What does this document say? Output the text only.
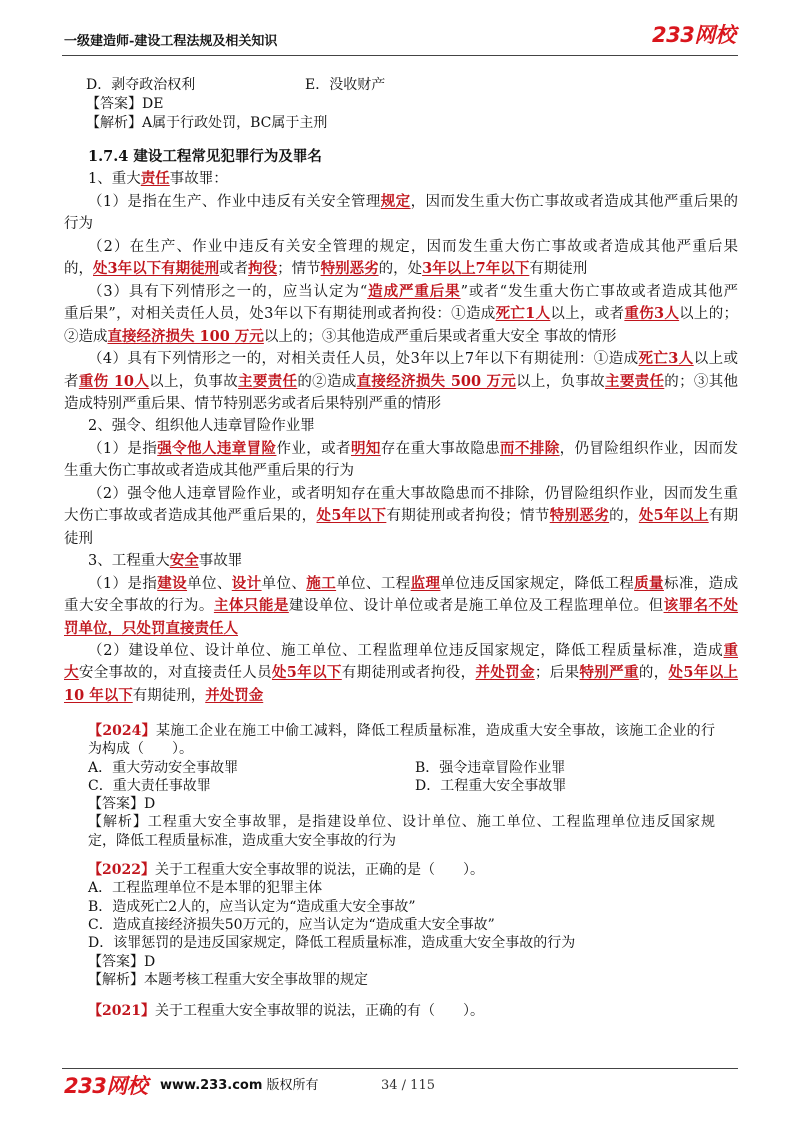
一级建造师-建设工程法规及相关知识	233网校
D．剥夺政治权利	E．没收财产
【答案】DE
【解析】A属于行政处罚，BC属于主刑
1.7.4 建设工程常见犯罪行为及罪名
1、重大责任事故罪：
（1）是指在生产、作业中违反有关安全管理规定，因而发生重大伤亡事故或者造成其他严重后果的
行为
（2）在生产、作业中违反有关安全管理的规定，因而发生重大伤亡事故或者造成其他严重后果
的，处3年以下有期徒刑或者拘役；情节特别恶劣的，处3年以上7年以下有期徒刑
（3）具有下列情形之一的，应当认定为“造成严重后果”或者“发生重大伤亡事故或者造成其他严
重后果”，对相关责任人员，处3年以下有期徒刑或者拘役：①造成死亡1人以上，或者重伤3人以上的；
②造成直接经济损失 100 万元以上的；③其他造成严重后果或者重大安全 事故的情形
（4）具有下列情形之一的，对相关责任人员，处3年以上7年以下有期徒刑：①造成死亡3人以上或
者重伤 10人以上，负事故主要责任的②造成直接经济损失 500 万元以上，负事故主要责任的；③其他
造成特别严重后果、情节特别恶劣或者后果特别严重的情形
2、强令、组织他人违章冒险作业罪
（1）是指强令他人违章冒险作业，或者明知存在重大事故隐患而不排除，仍冒险组织作业，因而发
生重大伤亡事故或者造成其他严重后果的行为
（2）强令他人违章冒险作业，或者明知存在重大事故隐患而不排除，仍冒险组织作业，因而发生重
大伤亡事故或者造成其他严重后果的，处5年以下有期徒刑或者拘役；情节特别恶劣的，处5年以上有期
徒刑
3、工程重大安全事故罪
（1）是指建设单位、设计单位、施工单位、工程监理单位违反国家规定，降低工程质量标准，造成
重大安全事故的行为。主体只能是建设单位、设计单位或者是施工单位及工程监理单位。但该罪名不处
罚单位，只处罚直接责任人
（2）建设单位、设计单位、施工单位、工程监理单位违反国家规定，降低工程质量标准，造成重
大安全事故的，对直接责任人员处5年以下有期徒刑或者拘役，并处罚金；后果特别严重的，处5年以上
10 年以下有期徒刑，并处罚金
【2024】某施工企业在施工中偷工减料，降低工程质量标准，造成重大安全事故，该施工企业的行
为构成（　　）。
A．重大劳动安全事故罪	B．强令违章冒险作业罪
C．重大责任事故罪	D．工程重大安全事故罪
【答案】D
【解析】工程重大安全事故罪，是指建设单位、设计单位、施工单位、工程监理单位违反国家规
定，降低工程质量标准，造成重大安全事故的行为
【2022】关于工程重大安全事故罪的说法，正确的是（　　）。
A．工程监理单位不是本罪的犯罪主体
B．造成死亡2人的，应当认定为“造成重大安全事故”
C．造成直接经济损失50万元的，应当认定为“造成重大安全事故”
D．该罪惩罚的是违反国家规定，降低工程质量标准，造成重大安全事故的行为
【答案】D
【解析】本题考核工程重大安全事故罪的规定
【2021】关于工程重大安全事故罪的说法，正确的有（　　）。
233网校 www.233.com 版权所有	34 / 115
